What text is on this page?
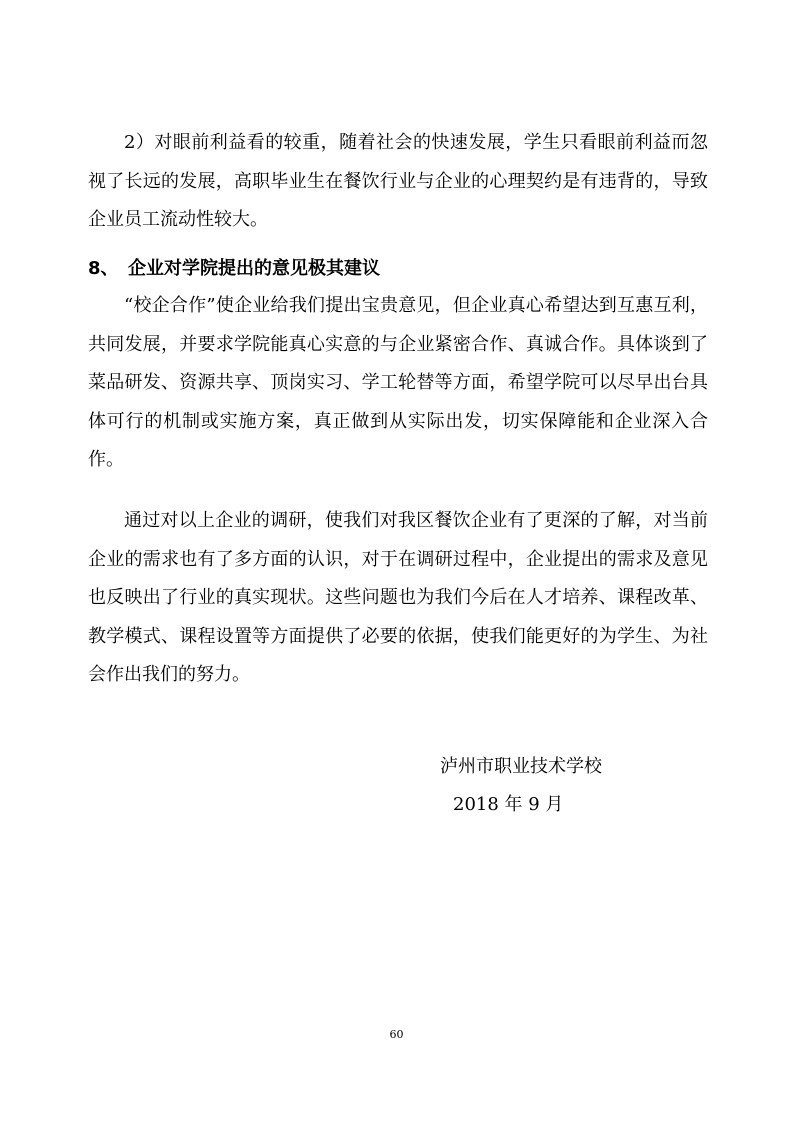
2）对眼前利益看的较重，随着社会的快速发展，学生只看眼前利益而忽视了长远的发展，高职毕业生在餐饮行业与企业的心理契约是有违背的，导致企业员工流动性较大。

8、 企业对学院提出的意见极其建议

“校企合作”使企业给我们提出宝贵意见，但企业真心希望达到互惠互利，共同发展，并要求学院能真心实意的与企业紧密合作、真诚合作。具体谈到了菜品研发、资源共享、顶岗实习、学工轮替等方面，希望学院可以尽早出台具体可行的机制或实施方案，真正做到从实际出发，切实保障能和企业深入合作。

通过对以上企业的调研，使我们对我区餐饮企业有了更深的了解，对当前企业的需求也有了多方面的认识，对于在调研过程中，企业提出的需求及意见也反映出了行业的真实现状。这些问题也为我们今后在人才培养、课程改革、教学模式、课程设置等方面提供了必要的依据，使我们能更好的为学生、为社会作出我们的努力。

泸州市职业技术学校

2018 年 9 月

60
